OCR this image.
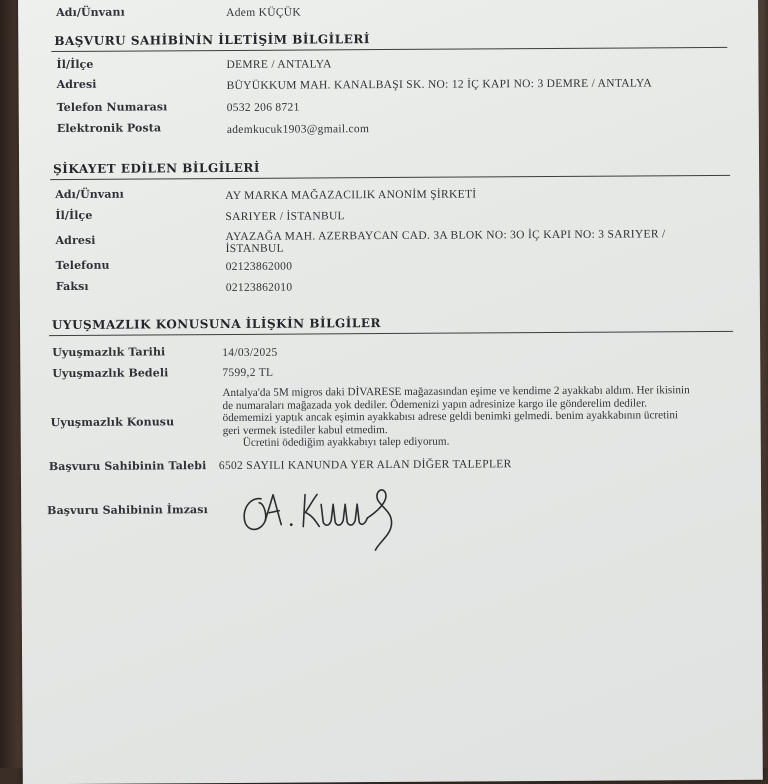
Adı/Ünvanı	Adem KÜÇÜK
BAŞVURU SAHİBİNİN İLETİŞİM BİLGİLERİ
İl/İlçe	DEMRE / ANTALYA
Adresi	BÜYÜKKUM MAH. KANALBAŞI SK. NO: 12 İÇ KAPI NO: 3 DEMRE / ANTALYA
Telefon Numarası	0532 206 8721
Elektronik Posta	ademkucuk1903@gmail.com
ŞİKAYET EDİLEN BİLGİLERİ
Adı/Ünvanı	AY MARKA MAĞAZACILIK ANONİM ŞİRKETİ
İl/İlçe	SARIYER / İSTANBUL
Adresi	AYAZAĞA MAH. AZERBAYCAN CAD. 3A BLOK NO: 3O İÇ KAPI NO: 3 SARIYER /
İSTANBUL
Telefonu	02123862000
Faksı	02123862010
UYUŞMAZLIK KONUSUNA İLİŞKİN BİLGİLER
Uyuşmazlık Tarihi	14/03/2025
Uyuşmazlık Bedeli	7599,2 TL
Uyuşmazlık Konusu
Antalya'da 5M migros daki DİVARESE mağazasından eşime ve kendime 2 ayakkabı aldım. Her ikisinin
de numaraları mağazada yok dediler. Ödemenizi yapın adresinize kargo ile gönderelim dediler.
ödememizi yaptık ancak eşimin ayakkabısı adrese geldi benimki gelmedi. benim ayakkabının ücretini
geri vermek istediler kabul etmedim.
Ücretini ödediğim ayakkabıyı talep ediyorum.
Başvuru Sahibinin Talebi 6502 SAYILI KANUNDA YER ALAN DİĞER TALEPLER
Başvuru Sahibinin İmzası
